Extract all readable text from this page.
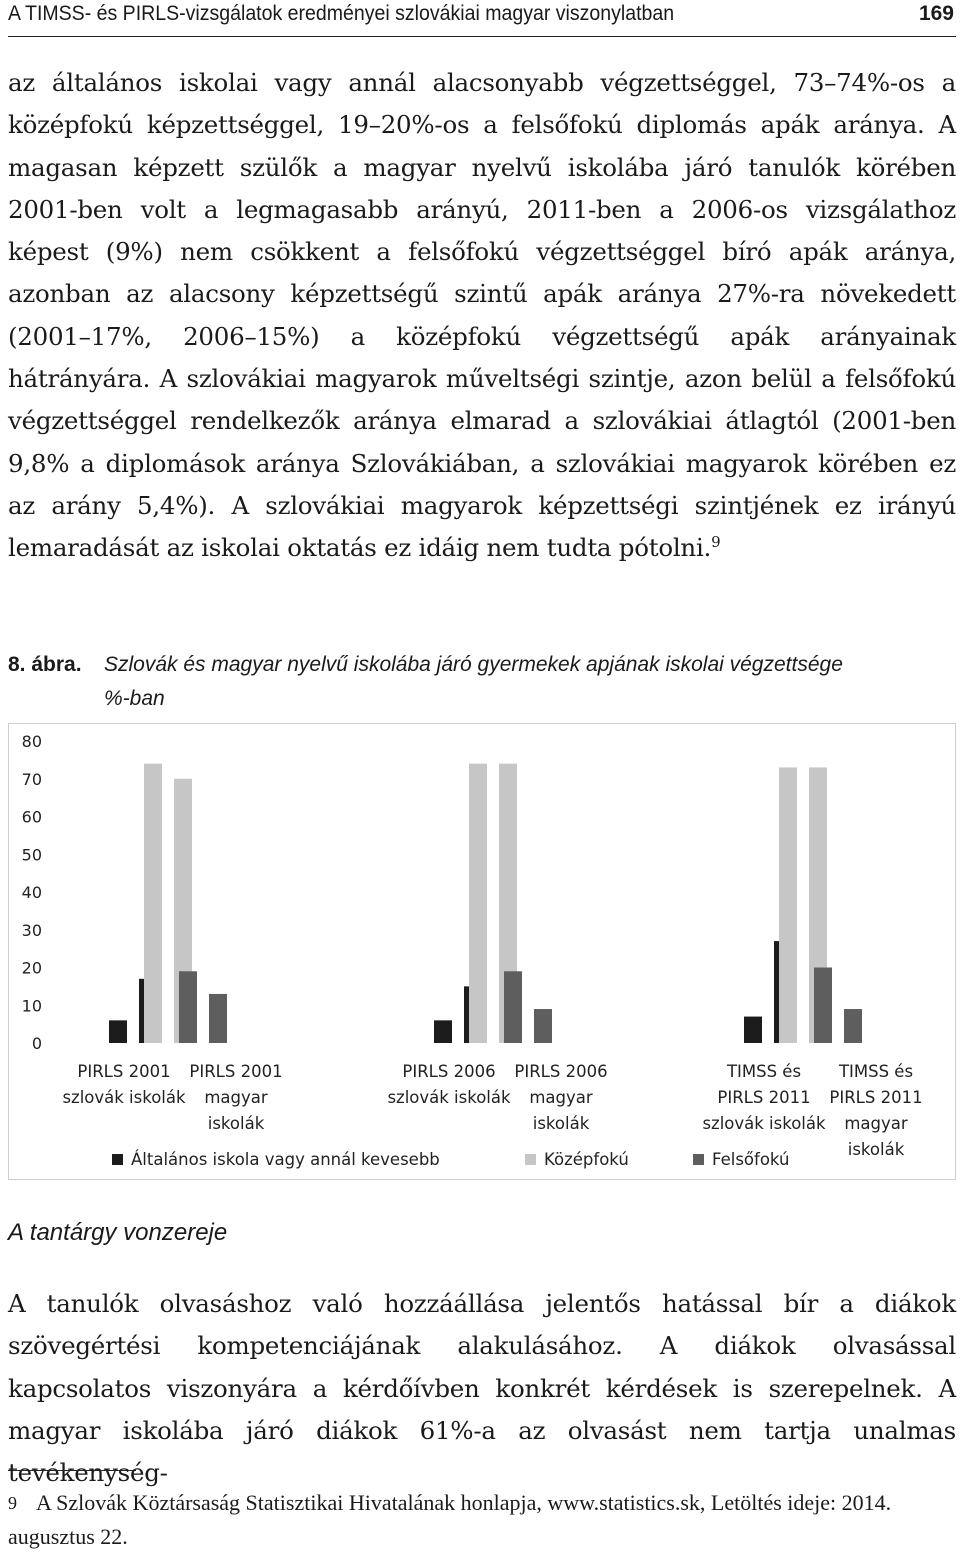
A TIMSS- és PIRLS-vizsgálatok eredményei szlovákiai magyar viszonylatban	169

az általános iskolai vagy annál alacsonyabb végzettséggel, 73–74%-os a középfokú képzettséggel, 19–20%-os a felsőfokú diplomás apák aránya. A magasan képzett szülők a magyar nyelvű iskolába járó tanulók körében 2001-ben volt a legmagasabb arányú, 2011-ben a 2006-os vizsgálathoz képest (9%) nem csökkent a felsőfokú végzettséggel bíró apák aránya, azonban az alacsony képzettségű szintű apák aránya 27%-ra növekedett (2001–17%, 2006–15%) a középfokú végzettségű apák arányainak hátrányára. A szlovákiai magyarok műveltségi szintje, azon belül a felsőfokú végzettséggel rendelkezők aránya elmarad a szlovákiai átlagtól (2001-ben 9,8% a diplomások aránya Szlovákiában, a szlovákiai magyarok körében ez az arány 5,4%). A szlovákiai magyarok képzettségi szintjének ez irányú lemaradását az iskolai oktatás ez idáig nem tudta pótolni.$^9$

8. ábra. Szlovák és magyar nyelvű iskolába járó gyermekek apjának iskolai végzettsége %-ban
0
10
20
30
40
50
60
70
80
PIRLS 2001
szlovák iskolák
PIRLS 2001
magyar
iskolák
PIRLS 2006
szlovák iskolák
PIRLS 2006
magyar
iskolák
TIMSS és
PIRLS 2011
szlovák iskolák
TIMSS és
PIRLS 2011
magyar
iskolák
Általános iskola vagy annál kevesebb	Középfokú	Felsőfokú
A tantárgy vonzereje

A tanulók olvasáshoz való hozzáállása jelentős hatással bír a diákok szövegértési kompetenciájának alakulásához. A diákok olvasással kapcsolatos viszonyára a kérdőívben konkrét kérdések is szerepelnek. A magyar iskolába járó diákok 61%-a az olvasást nem tartja unalmas tevékenység-

9 A Szlovák Köztársaság Statisztikai Hivatalának honlapja, www.statistics.sk, Letöltés ideje: 2014. augusztus 22.
